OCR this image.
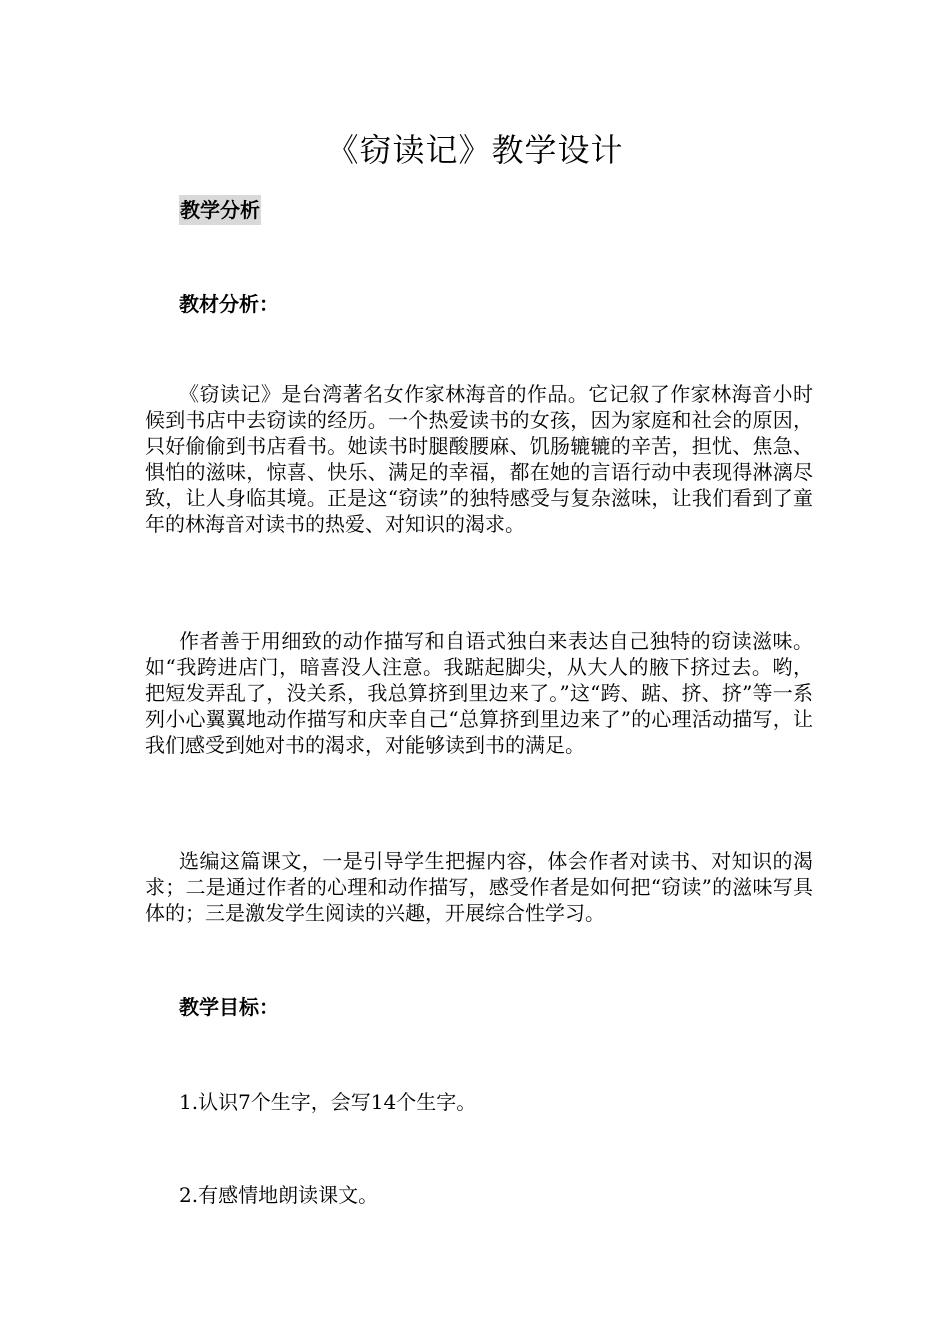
《窃读记》教学设计
教学分析
教材分析：

《窃读记》是台湾著名女作家林海音的作品。它记叙了作家林海音小时候到书店中去窃读的经历。一个热爱读书的女孩，因为家庭和社会的原因，只好偷偷到书店看书。她读书时腿酸腰麻、饥肠辘辘的辛苦，担忧、焦急、惧怕的滋味，惊喜、快乐、满足的幸福，都在她的言语行动中表现得淋漓尽致，让人身临其境。正是这“窃读”的独特感受与复杂滋味，让我们看到了童年的林海音对读书的热爱、对知识的渴求。

作者善于用细致的动作描写和自语式独白来表达自己独特的窃读滋味。如“我跨进店门，暗喜没人注意。我踮起脚尖，从大人的腋下挤过去。哟，把短发弄乱了，没关系，我总算挤到里边来了。”这“跨、踮、挤、挤”等一系列小心翼翼地动作描写和庆幸自己“总算挤到里边来了”的心理活动描写，让我们感受到她对书的渴求，对能够读到书的满足。

选编这篇课文，一是引导学生把握内容，体会作者对读书、对知识的渴求；二是通过作者的心理和动作描写，感受作者是如何把“窃读”的滋味写具体的；三是激发学生阅读的兴趣，开展综合性学习。

教学目标：
1.认识7个生字，会写14个生字。
2.有感情地朗读课文。
